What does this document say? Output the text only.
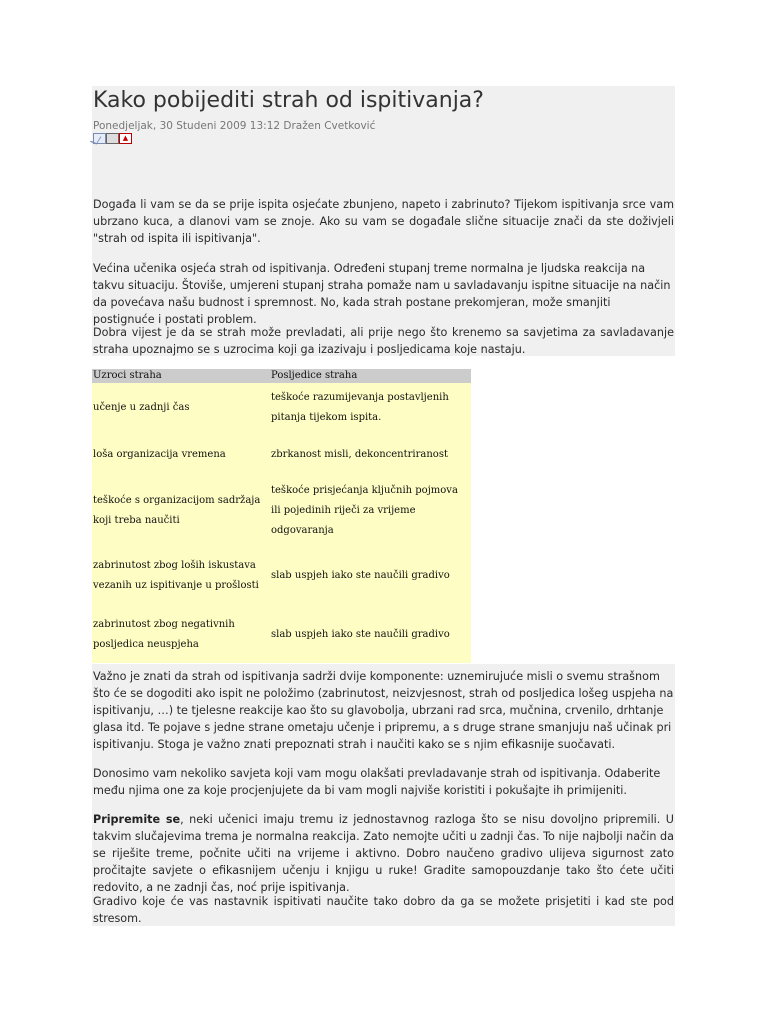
Kako pobijediti strah od ispitivanja?
Ponedjeljak, 30 Studeni 2009 13:12 Dražen Cvetković
▲

Događa li vam se da se prije ispita osjećate zbunjeno, napeto i zabrinuto? Tijekom ispitivanja srce vam ubrzano kuca, a dlanovi vam se znoje. Ako su vam se događale slične situacije znači da ste doživjeli "strah od ispita ili ispitivanja".

Većina učenika osjeća strah od ispitivanja. Određeni stupanj treme normalna je ljudska reakcija na takvu situaciju. Štoviše, umjereni stupanj straha pomaže nam u savladavanju ispitne situacije na način da povećava našu budnost i spremnost. No, kada strah postane prekomjeran, može smanjiti postignuće i postati problem.

Dobra vijest je da se strah može prevladati, ali prije nego što krenemo sa savjetima za savladavanje straha upoznajmo se s uzrocima koji ga izazivaju i posljedicama koje nastaju.

Uzroci straha	Posljedice straha
učenje u zadnji čas	teškoće razumijevanja postavljenih pitanja tijekom ispita.
loša organizacija vremena	zbrkanost misli, dekoncentriranost
teškoće s organizacijom sadržaja koji treba naučiti	teškoće prisjećanja ključnih pojmova ili pojedinih riječi za vrijeme odgovaranja
zabrinutost zbog loših iskustava vezanih uz ispitivanje u prošlosti	slab uspjeh iako ste naučili gradivo
zabrinutost zbog negativnih posljedica neuspjeha	slab uspjeh iako ste naučili gradivo

Važno je znati da strah od ispitivanja sadrži dvije komponente: uznemirujuće misli o svemu strašnom što će se dogoditi ako ispit ne položimo (zabrinutost, neizvjesnost, strah od posljedica lošeg uspjeha na ispitivanju, …) te tjelesne reakcije kao što su glavobolja, ubrzani rad srca, mučnina, crvenilo, drhtanje glasa itd. Te pojave s jedne strane ometaju učenje i pripremu, a s druge strane smanjuju naš učinak pri ispitivanju. Stoga je važno znati prepoznati strah i naučiti kako se s njim efikasnije suočavati.

Donosimo vam nekoliko savjeta koji vam mogu olakšati prevladavanje strah od ispitivanja. Odaberite među njima one za koje procjenjujete da bi vam mogli najviše koristiti i pokušajte ih primijeniti.

Pripremite se, neki učenici imaju tremu iz jednostavnog razloga što se nisu dovoljno pripremili. U takvim slučajevima trema je normalna reakcija. Zato nemojte učiti u zadnji čas. To nije najbolji način da se riješite treme, počnite učiti na vrijeme i aktivno. Dobro naučeno gradivo ulijeva sigurnost zato pročitajte savjete o efikasnijem učenju i knjigu u ruke! Gradite samopouzdanje tako što ćete učiti redovito, a ne zadnji čas, noć prije ispitivanja.

Gradivo koje će vas nastavnik ispitivati naučite tako dobro da ga se možete prisjetiti i kad ste pod stresom.
